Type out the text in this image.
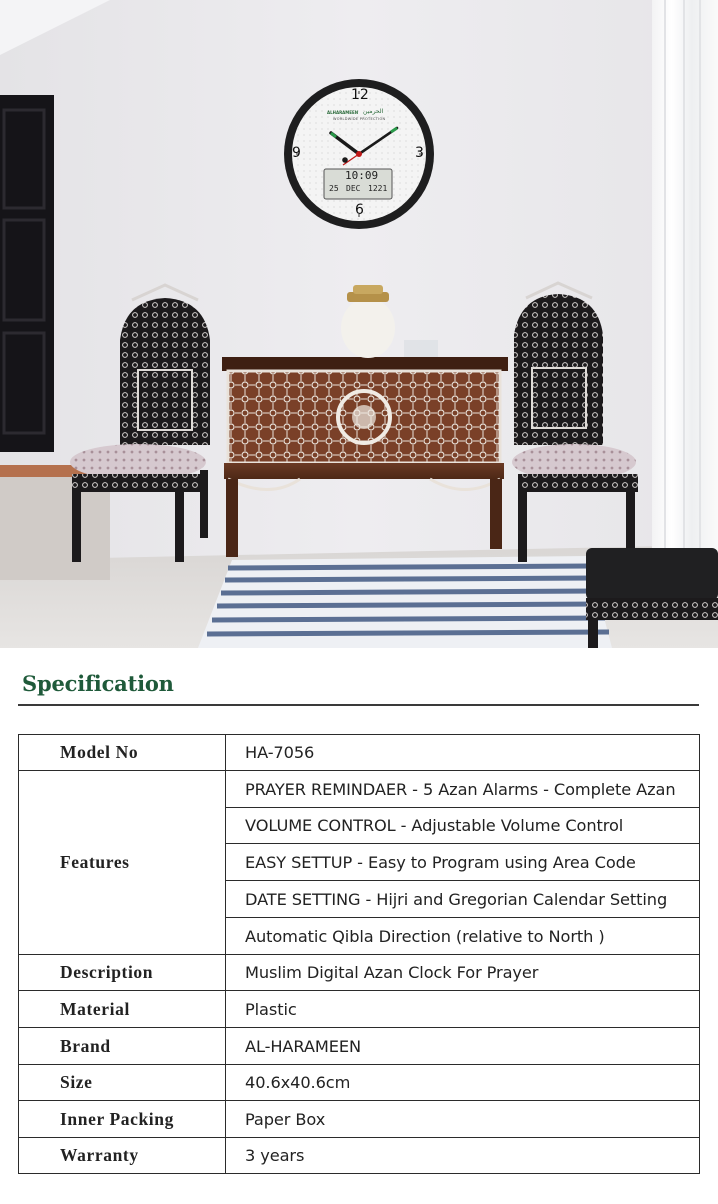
12
3
6
9
ALHARAMEEN الحرمين
WORLDWIDE PROTECTION
10:09
25 DEC 1221
Specification
Model No	HA-7056
Features	PRAYER REMINDAER - 5 Azan Alarms - Complete Azan
	VOLUME CONTROL - Adjustable Volume Control
	EASY SETTUP - Easy to Program using Area Code
	DATE SETTING - Hijri and Gregorian Calendar Setting
	Automatic Qibla Direction (relative to North )
Description	Muslim Digital Azan Clock For Prayer
Material	Plastic
Brand	AL-HARAMEEN
Size	40.6x40.6cm
Inner Packing	Paper Box
Warranty	3 years
